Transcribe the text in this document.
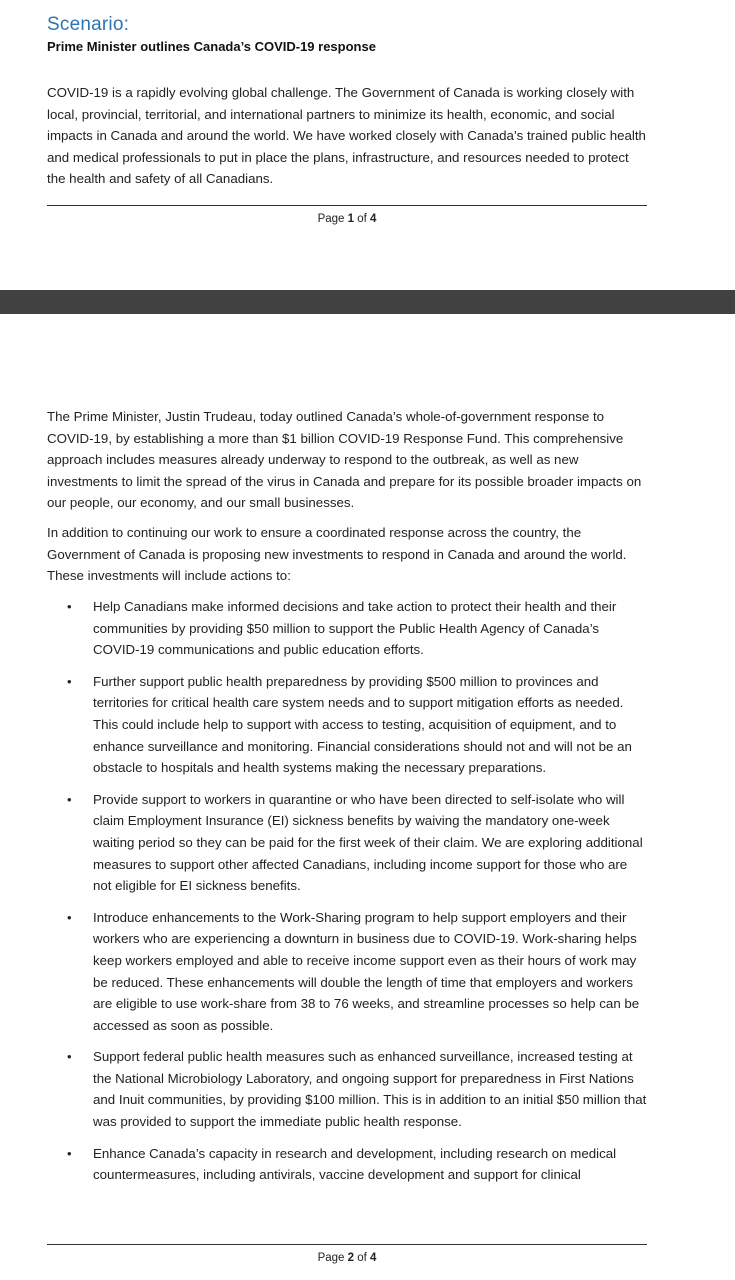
Scenario:
Prime Minister outlines Canada’s COVID-19 response

COVID-19 is a rapidly evolving global challenge. The Government of Canada is working closely with local, provincial, territorial, and international partners to minimize its health, economic, and social impacts in Canada and around the world. We have worked closely with Canada’s trained public health and medical professionals to put in place the plans, infrastructure, and resources needed to protect the health and safety of all Canadians.

Page 1 of 4

The Prime Minister, Justin Trudeau, today outlined Canada’s whole-of-government response to COVID-19, by establishing a more than $1 billion COVID-19 Response Fund. This comprehensive approach includes measures already underway to respond to the outbreak, as well as new investments to limit the spread of the virus in Canada and prepare for its possible broader impacts on our people, our economy, and our small businesses.

In addition to continuing our work to ensure a coordinated response across the country, the Government of Canada is proposing new investments to respond in Canada and around the world. These investments will include actions to:

• Help Canadians make informed decisions and take action to protect their health and their communities by providing $50 million to support the Public Health Agency of Canada’s COVID-19 communications and public education efforts.
• Further support public health preparedness by providing $500 million to provinces and territories for critical health care system needs and to support mitigation efforts as needed. This could include help to support with access to testing, acquisition of equipment, and to enhance surveillance and monitoring. Financial considerations should not and will not be an obstacle to hospitals and health systems making the necessary preparations.
• Provide support to workers in quarantine or who have been directed to self-isolate who will claim Employment Insurance (EI) sickness benefits by waiving the mandatory one-week waiting period so they can be paid for the first week of their claim. We are exploring additional measures to support other affected Canadians, including income support for those who are not eligible for EI sickness benefits.
• Introduce enhancements to the Work-Sharing program to help support employers and their workers who are experiencing a downturn in business due to COVID-19. Work-sharing helps keep workers employed and able to receive income support even as their hours of work may be reduced. These enhancements will double the length of time that employers and workers are eligible to use work-share from 38 to 76 weeks, and streamline processes so help can be accessed as soon as possible.
• Support federal public health measures such as enhanced surveillance, increased testing at the National Microbiology Laboratory, and ongoing support for preparedness in First Nations and Inuit communities, by providing $100 million. This is in addition to an initial $50 million that was provided to support the immediate public health response.
• Enhance Canada’s capacity in research and development, including research on medical countermeasures, including antivirals, vaccine development and support for clinical
Page 2 of 4
